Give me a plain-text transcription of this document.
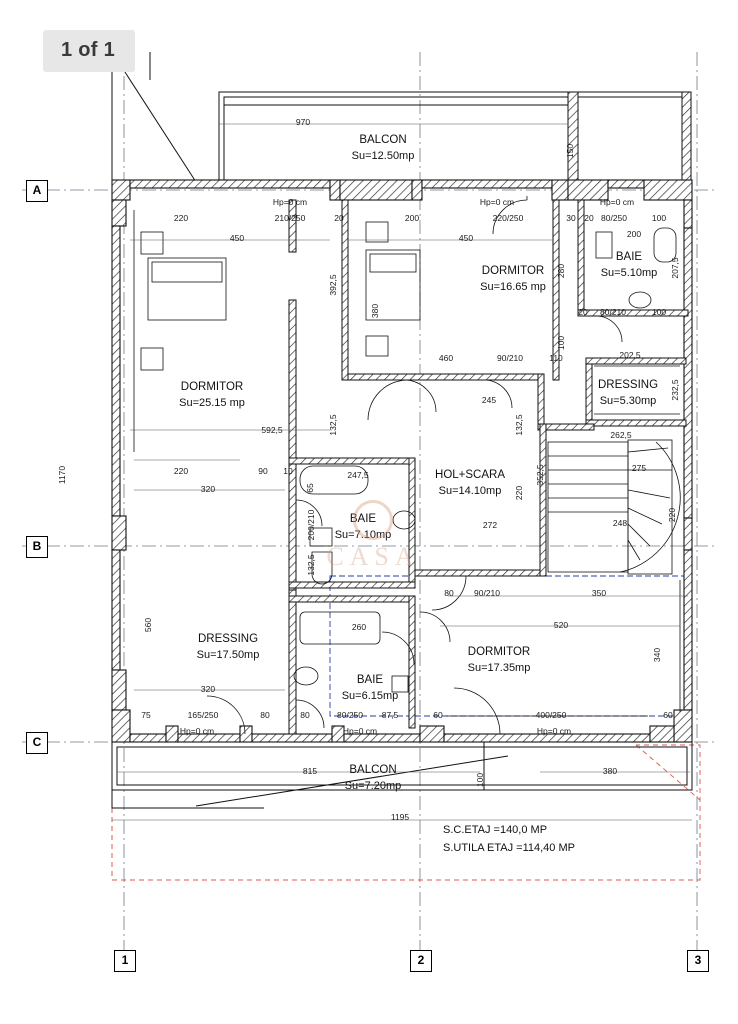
1 of 1
CASA
A
B
C
1	2	3
BALCON
Su=12.50mp
DORMITOR
Su=16.65 mp
BAIE
Su=5.10mp
DORMITOR
Su=25.15 mp
DRESSING
Su=5.30mp
HOL+SCARA
Su=14.10mp
BAIE
Su=7.10mp
DRESSING
Su=17.50mp
BAIE
Su=6.15mp
DORMITOR
Su=17.35mp
BALCON
Su=7.20mp
970
150
Hp=0 cm	Hp=0 cm	Hp=0 cm
220	210/250	20	200	220/250	30 20 80/250	100
200
450	450
207,5
392,5
280
380	20 80/210	100
100
460	90/210	110	202,5
232,5
245
132,5	132,5
592,5	262,5
352,5	275
220	90 10	247,5
65
320	220
1170
200/210	272	248
220
132,5
80 90/210	350
560	520
260
340
320
75	165/250	80	80	80/250 87,5	60	400/250	60
Hp=0 cm	Hp=0 cm	Hp=0 cm
815
100
380
1195
S.C.ETAJ =140,0 MP
S.UTILA ETAJ =114,40 MP
